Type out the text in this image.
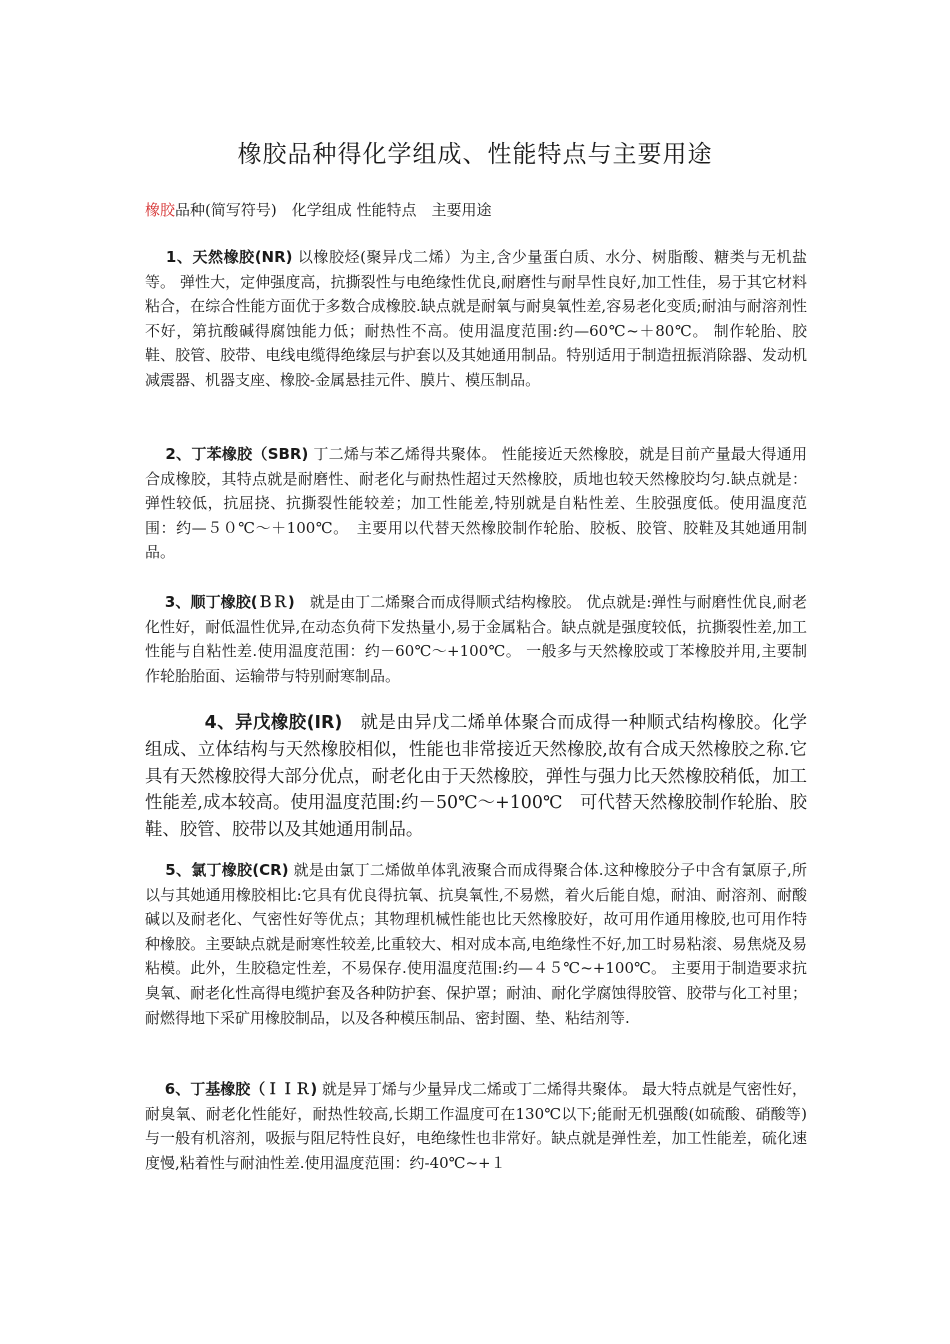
橡胶品种得化学组成、性能特点与主要用途
橡胶品种(简写符号)　化学组成 性能特点　主要用途

　 1、天然橡胶(NR) 以橡胶烃(聚异戊二烯）为主,含少量蛋白质、水分、树脂酸、糖类与无机盐等。 弹性大，定伸强度高，抗撕裂性与电绝缘性优良,耐磨性与耐旱性良好,加工性佳，易于其它材料粘合，在综合性能方面优于多数合成橡胶.缺点就是耐氧与耐臭氧性差,容易老化变质;耐油与耐溶剂性不好，第抗酸碱得腐蚀能力低；耐热性不高。使用温度范围:约—60℃~＋80℃。 制作轮胎、胶鞋、胶管、胶带、电线电缆得绝缘层与护套以及其她通用制品。特别适用于制造扭振消除器、发动机减震器、机器支座、橡胶-金属悬挂元件、膜片、模压制品。

　 2、丁苯橡胶（SBR) 丁二烯与苯乙烯得共聚体。 性能接近天然橡胶，就是目前产量最大得通用合成橡胶，其特点就是耐磨性、耐老化与耐热性超过天然橡胶，质地也较天然橡胶均匀.缺点就是：弹性较低，抗屈挠、抗撕裂性能较差；加工性能差,特别就是自粘性差、生胶强度低。使用温度范围：约—５０℃～＋100℃。　主要用以代替天然橡胶制作轮胎、胶板、胶管、胶鞋及其她通用制品。

　 3、顺丁橡胶(ＢＲ)　就是由丁二烯聚合而成得顺式结构橡胶。 优点就是:弹性与耐磨性优良,耐老化性好，耐低温性优异,在动态负荷下发热量小,易于金属粘合。缺点就是强度较低，抗撕裂性差,加工性能与自粘性差.使用温度范围：约－60℃～+100℃。 一般多与天然橡胶或丁苯橡胶并用,主要制作轮胎胎面、运输带与特别耐寒制品。

　　　 4、异戊橡胶(IR)　就是由异戊二烯单体聚合而成得一种顺式结构橡胶。化学组成、立体结构与天然橡胶相似，性能也非常接近天然橡胶,故有合成天然橡胶之称.它具有天然橡胶得大部分优点，耐老化由于天然橡胶，弹性与强力比天然橡胶稍低，加工性能差,成本较高。使用温度范围:约－50℃～+100℃　可代替天然橡胶制作轮胎、胶鞋、胶管、胶带以及其她通用制品。

　 5、氯丁橡胶(CR) 就是由氯丁二烯做单体乳液聚合而成得聚合体.这种橡胶分子中含有氯原子,所以与其她通用橡胶相比:它具有优良得抗氧、抗臭氧性,不易燃，着火后能自熄，耐油、耐溶剂、耐酸碱以及耐老化、气密性好等优点；其物理机械性能也比天然橡胶好，故可用作通用橡胶,也可用作特种橡胶。主要缺点就是耐寒性较差,比重较大、相对成本高,电绝缘性不好,加工时易粘滚、易焦烧及易粘模。此外，生胶稳定性差，不易保存.使用温度范围:约—４５℃~+100℃。 主要用于制造要求抗臭氧、耐老化性高得电缆护套及各种防护套、保护罩；耐油、耐化学腐蚀得胶管、胶带与化工衬里；耐燃得地下采矿用橡胶制品，以及各种模压制品、密封圈、垫、粘结剂等.

　 6、丁基橡胶（ＩＩＲ) 就是异丁烯与少量异戊二烯或丁二烯得共聚体。 最大特点就是气密性好，耐臭氧、耐老化性能好，耐热性较高,长期工作温度可在130℃以下;能耐无机强酸(如硫酸、硝酸等)与一般有机溶剂，吸振与阻尼特性良好，电绝缘性也非常好。缺点就是弹性差，加工性能差，硫化速度慢,粘着性与耐油性差.使用温度范围：约-40℃~+１
